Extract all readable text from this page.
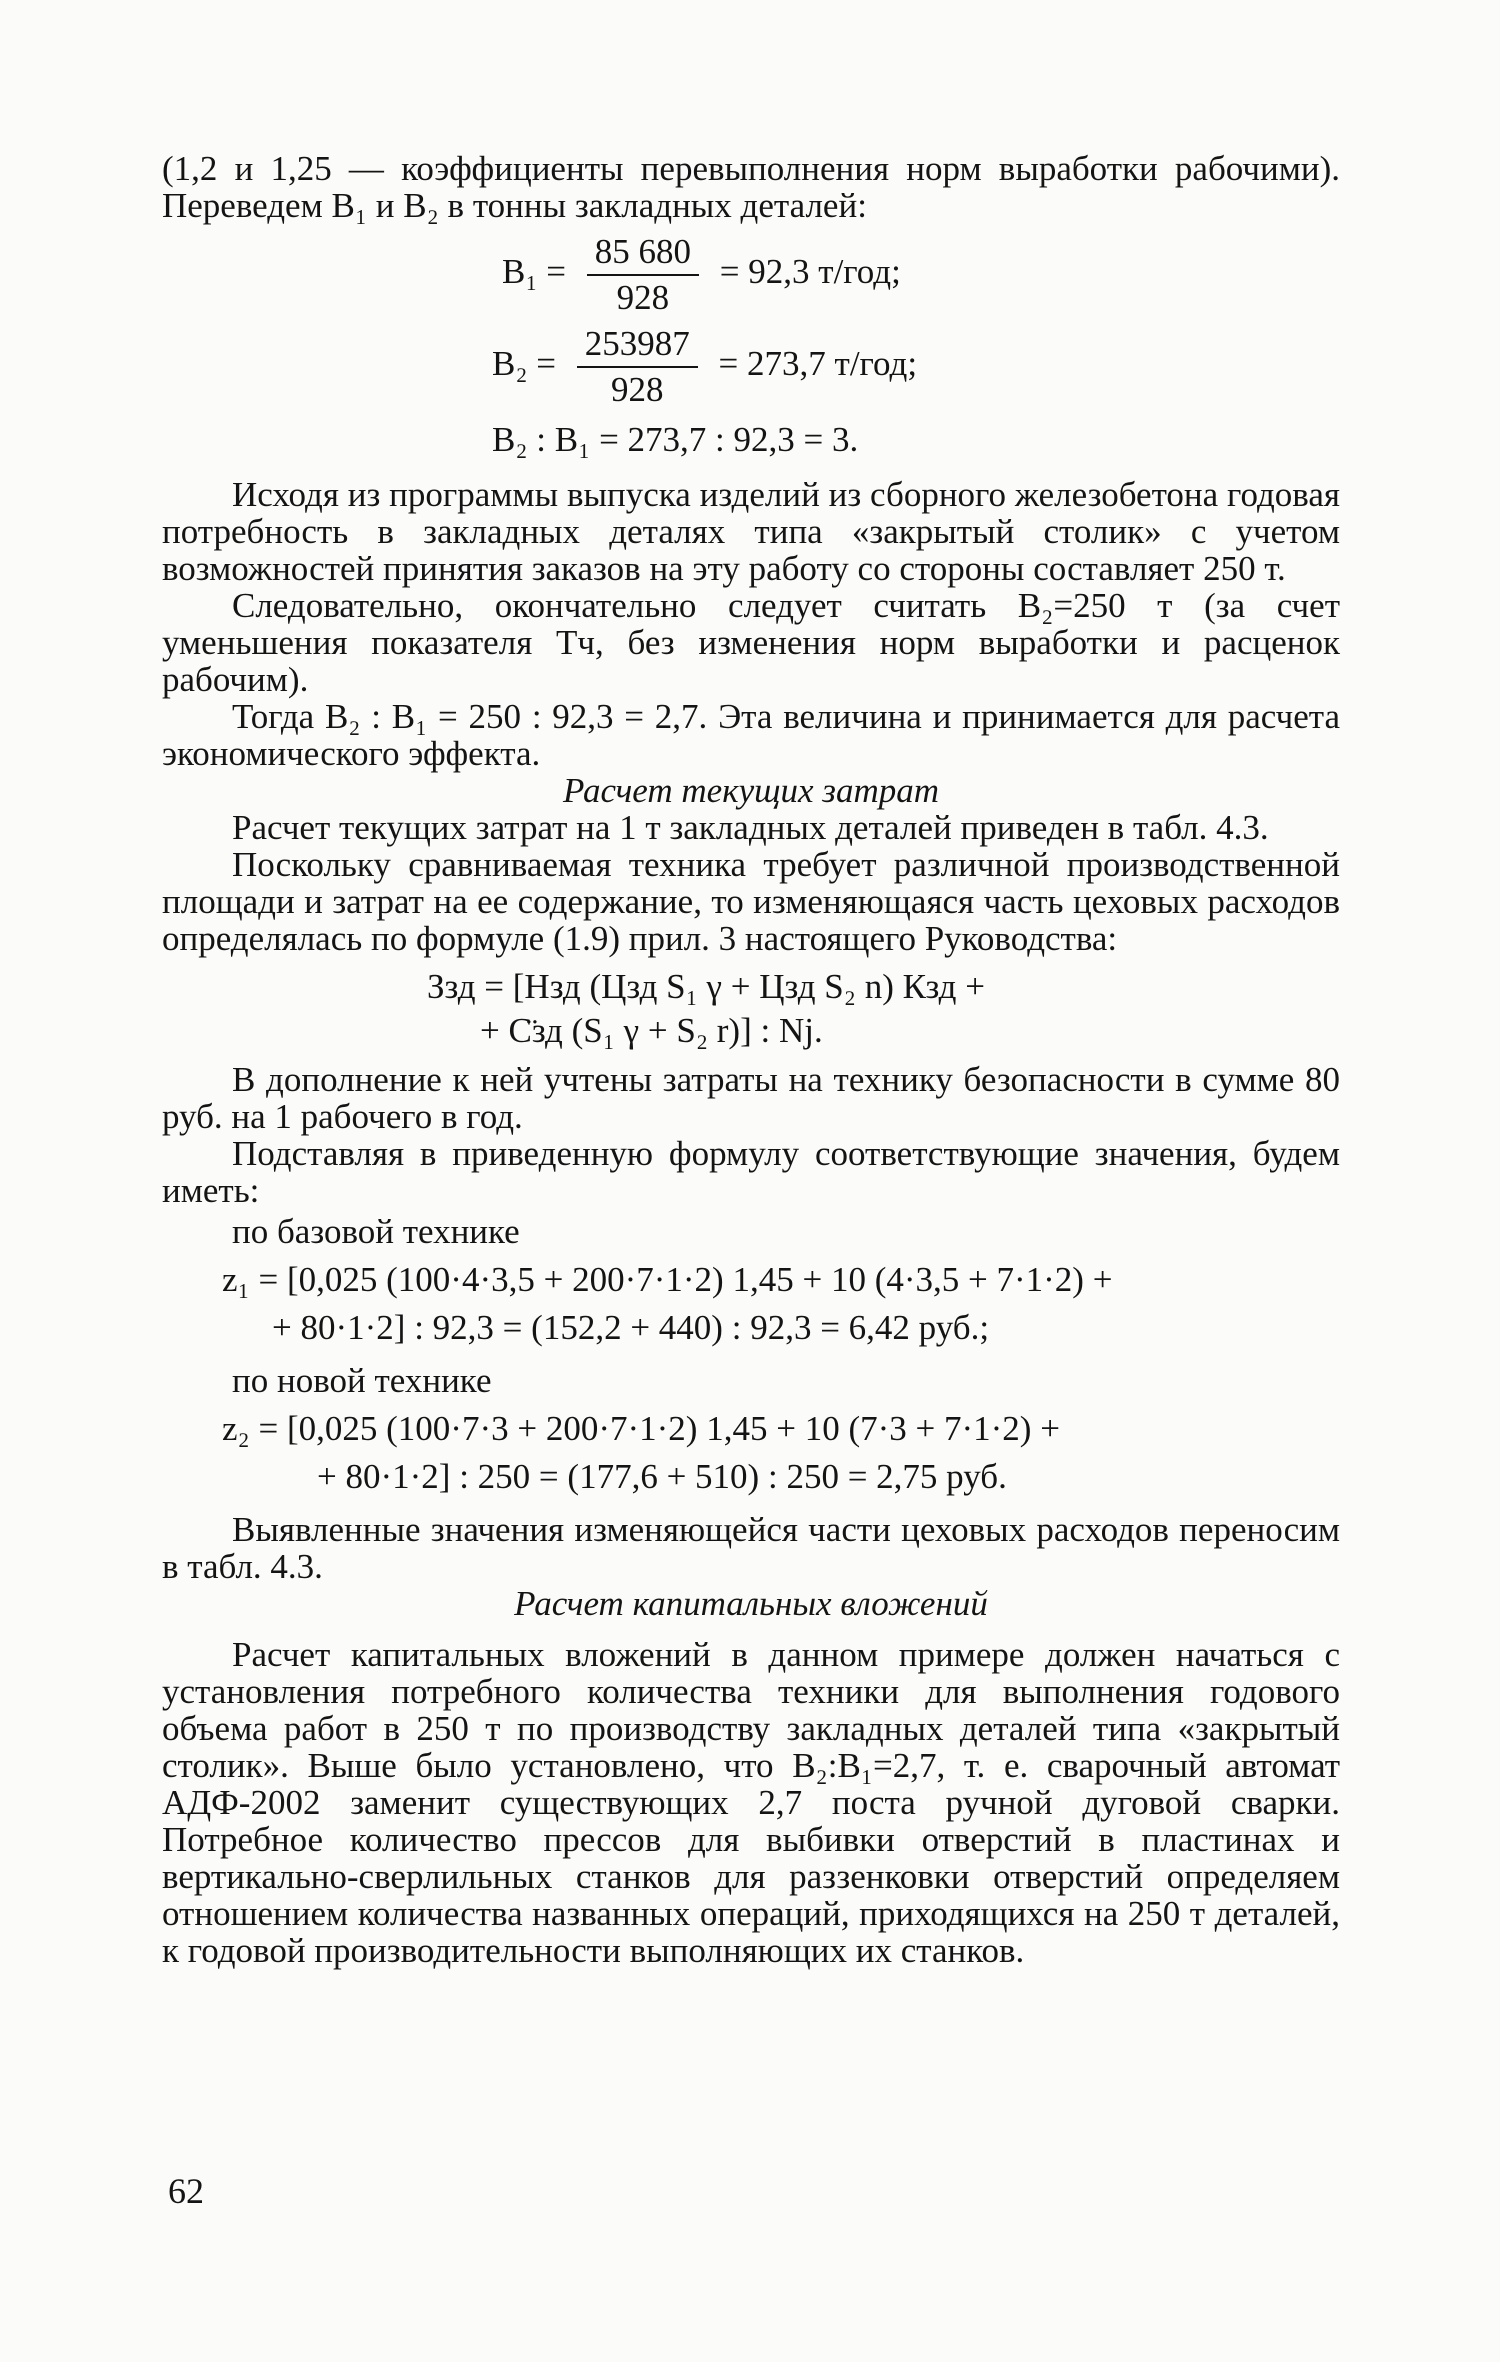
(1,2 и 1,25 — коэффициенты перевыполнения норм выработки рабочими). Переведем В₁ и В₂ в тонны закладных деталей:

$В_1 = \frac{85 680}{928} = 92,3$ т/год;
$В_2 = \frac{253987}{928} = 273,7$ т/год;
В₂ : В₁ = 273,7 : 92,3 = 3.

Исходя из программы выпуска изделий из сборного железобетона годовая потребность в закладных деталях типа «закрытый столик» с учетом возможностей принятия заказов на эту работу со стороны составляет 250 т.

Следовательно, окончательно следует считать В₂=250 т (за счет уменьшения показателя Тч, без изменения норм выработки и расценок рабочим).

Тогда В₂ : В₁ = 250 : 92,3 = 2,7. Эта величина и принимается для расчета экономического эффекта.

Расчет текущих затрат

Расчет текущих затрат на 1 т закладных деталей приведен в табл. 4.3.

Поскольку сравниваемая техника требует различной производственной площади и затрат на ее содержание, то изменяющаяся часть цеховых расходов определялась по формуле (1.9) прил. 3 настоящего Руководства:

Ззд = [Нзд (Цзд S₁ γ + Цзд S₂ n) Кзд +
+ С̈зд (S₁ γ + S₂ r)] : Nj.

В дополнение к ней учтены затраты на технику безопасности в сумме 80 руб. на 1 рабочего в год.

Подставляя в приведенную формулу соответствующие значения, будем иметь:

по базовой технике

z₁ = [0,025 (100·4·3,5 + 200·7·1·2) 1,45 + 10 (4·3,5 + 7·1·2) +
+ 80·1·2] : 92,3 = (152,2 + 440) : 92,3 = 6,42 руб.;

по новой технике

z₂ = [0,025 (100·7·3 + 200·7·1·2) 1,45 + 10 (7·3 + 7·1·2) +
+ 80·1·2] : 250 = (177,6 + 510) : 250 = 2,75 руб.

Выявленные значения изменяющейся части цеховых расходов переносим в табл. 4.3.

Расчет капитальных вложений

Расчет капитальных вложений в данном примере должен начаться с установления потребного количества техники для выполнения годового объема работ в 250 т по производству закладных деталей типа «закрытый столик». Выше было установлено, что В₂:В₁=2,7, т. е. сварочный автомат АДФ-2002 заменит существующих 2,7 поста ручной дуговой сварки. Потребное количество прессов для выбивки отверстий в пластинах и вертикально-сверлильных станков для раззенковки отверстий определяем отношением количества названных операций, приходящихся на 250 т деталей, к годовой производительности выполняющих их станков.

62
